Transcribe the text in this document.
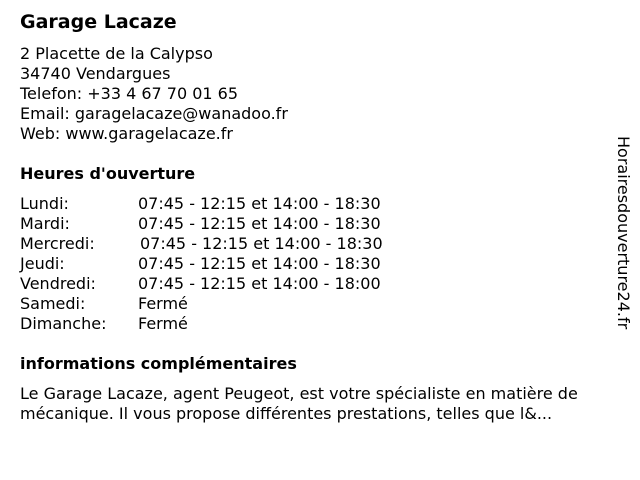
Garage Lacaze
2 Placette de la Calypso
34740 Vendargues
Telefon: +33 4 67 70 01 65
Email: garagelacaze@wanadoo.fr
Web: www.garagelacaze.fr
Heures d'ouverture
Lundi:	07:45 - 12:15 et 14:00 - 18:30
Mardi:	07:45 - 12:15 et 14:00 - 18:30
Mercredi:	07:45 - 12:15 et 14:00 - 18:30
Jeudi:	07:45 - 12:15 et 14:00 - 18:30
Vendredi:	07:45 - 12:15 et 14:00 - 18:00
Samedi:	Fermé
Dimanche:	Fermé
informations complémentaires
Le Garage Lacaze, agent Peugeot, est votre spécialiste en matière de
mécanique. Il vous propose différentes prestations, telles que l&...
Horairesdouverture24.fr
